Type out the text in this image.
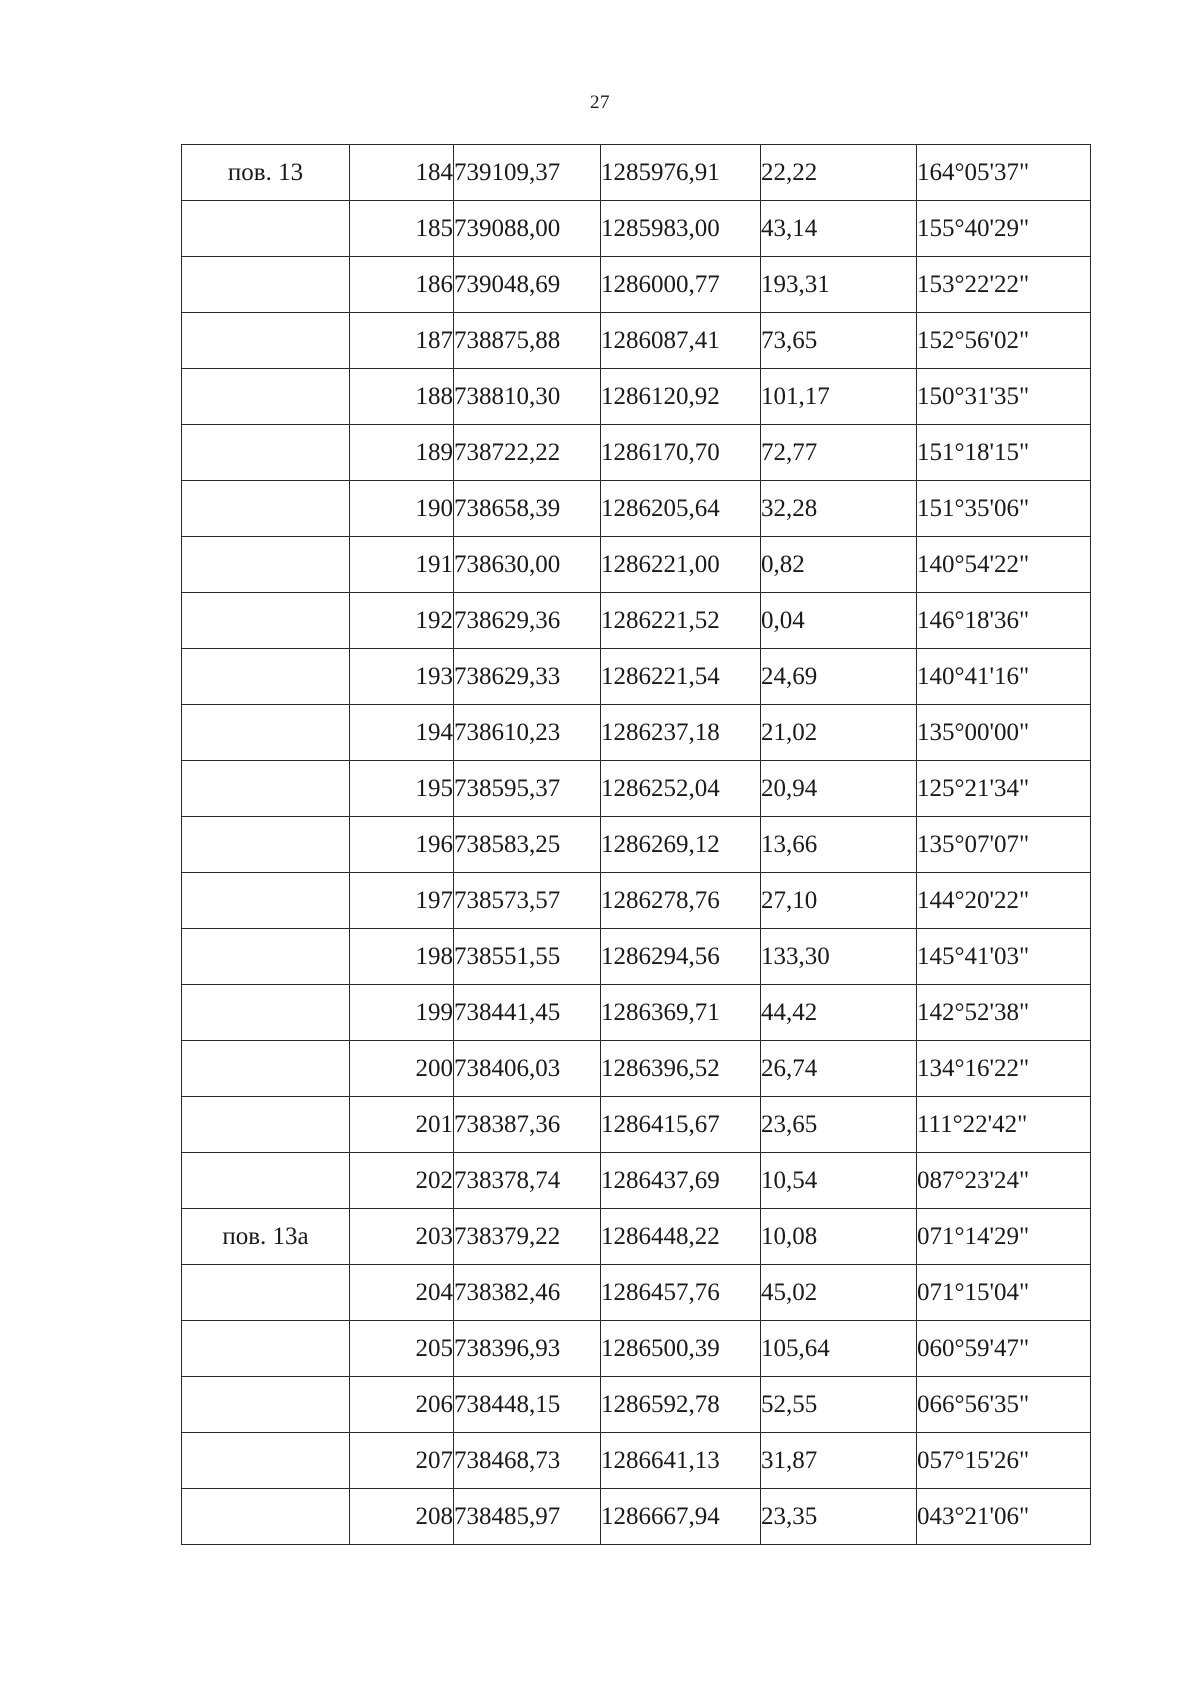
27
пов. 13	184	739109,37	1285976,91	22,22	164°05'37"
	185	739088,00	1285983,00	43,14	155°40'29"
	186	739048,69	1286000,77	193,31	153°22'22"
	187	738875,88	1286087,41	73,65	152°56'02"
	188	738810,30	1286120,92	101,17	150°31'35"
	189	738722,22	1286170,70	72,77	151°18'15"
	190	738658,39	1286205,64	32,28	151°35'06"
	191	738630,00	1286221,00	0,82	140°54'22"
	192	738629,36	1286221,52	0,04	146°18'36"
	193	738629,33	1286221,54	24,69	140°41'16"
	194	738610,23	1286237,18	21,02	135°00'00"
	195	738595,37	1286252,04	20,94	125°21'34"
	196	738583,25	1286269,12	13,66	135°07'07"
	197	738573,57	1286278,76	27,10	144°20'22"
	198	738551,55	1286294,56	133,30	145°41'03"
	199	738441,45	1286369,71	44,42	142°52'38"
	200	738406,03	1286396,52	26,74	134°16'22"
	201	738387,36	1286415,67	23,65	111°22'42"
	202	738378,74	1286437,69	10,54	087°23'24"
пов. 13а	203	738379,22	1286448,22	10,08	071°14'29"
	204	738382,46	1286457,76	45,02	071°15'04"
	205	738396,93	1286500,39	105,64	060°59'47"
	206	738448,15	1286592,78	52,55	066°56'35"
	207	738468,73	1286641,13	31,87	057°15'26"
	208	738485,97	1286667,94	23,35	043°21'06"
